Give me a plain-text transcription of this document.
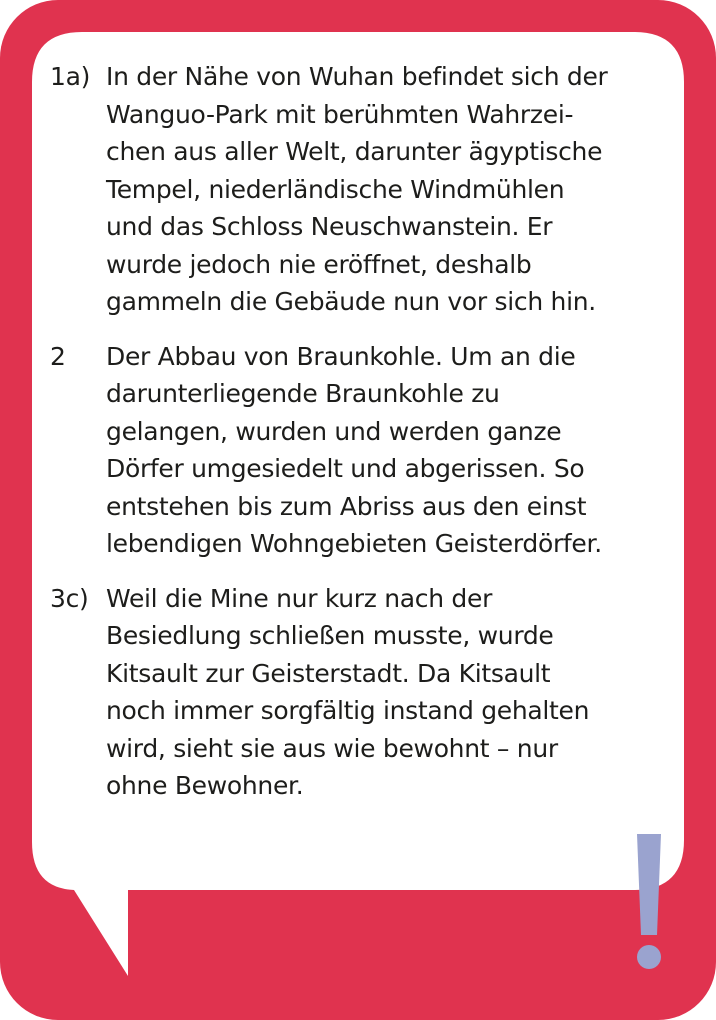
1a) In der Nähe von Wuhan befindet sich der
Wanguo-Park mit berühmten Wahrzei-
chen aus aller Welt, darunter ägyptische
Tempel, niederländische Windmühlen
und das Schloss Neuschwanstein. Er
wurde jedoch nie eröffnet, deshalb
gammeln die Gebäude nun vor sich hin.
2	Der Abbau von Braunkohle. Um an die
darunterliegende Braunkohle zu
gelangen, wurden und werden ganze
Dörfer umgesiedelt und abgerissen. So
entstehen bis zum Abriss aus den einst
lebendigen Wohngebieten Geisterdörfer.
3c) Weil die Mine nur kurz nach der
Besiedlung schließen musste, wurde
Kitsault zur Geisterstadt. Da Kitsault
noch immer sorgfältig instand gehalten
wird, sieht sie aus wie bewohnt – nur
ohne Bewohner.
